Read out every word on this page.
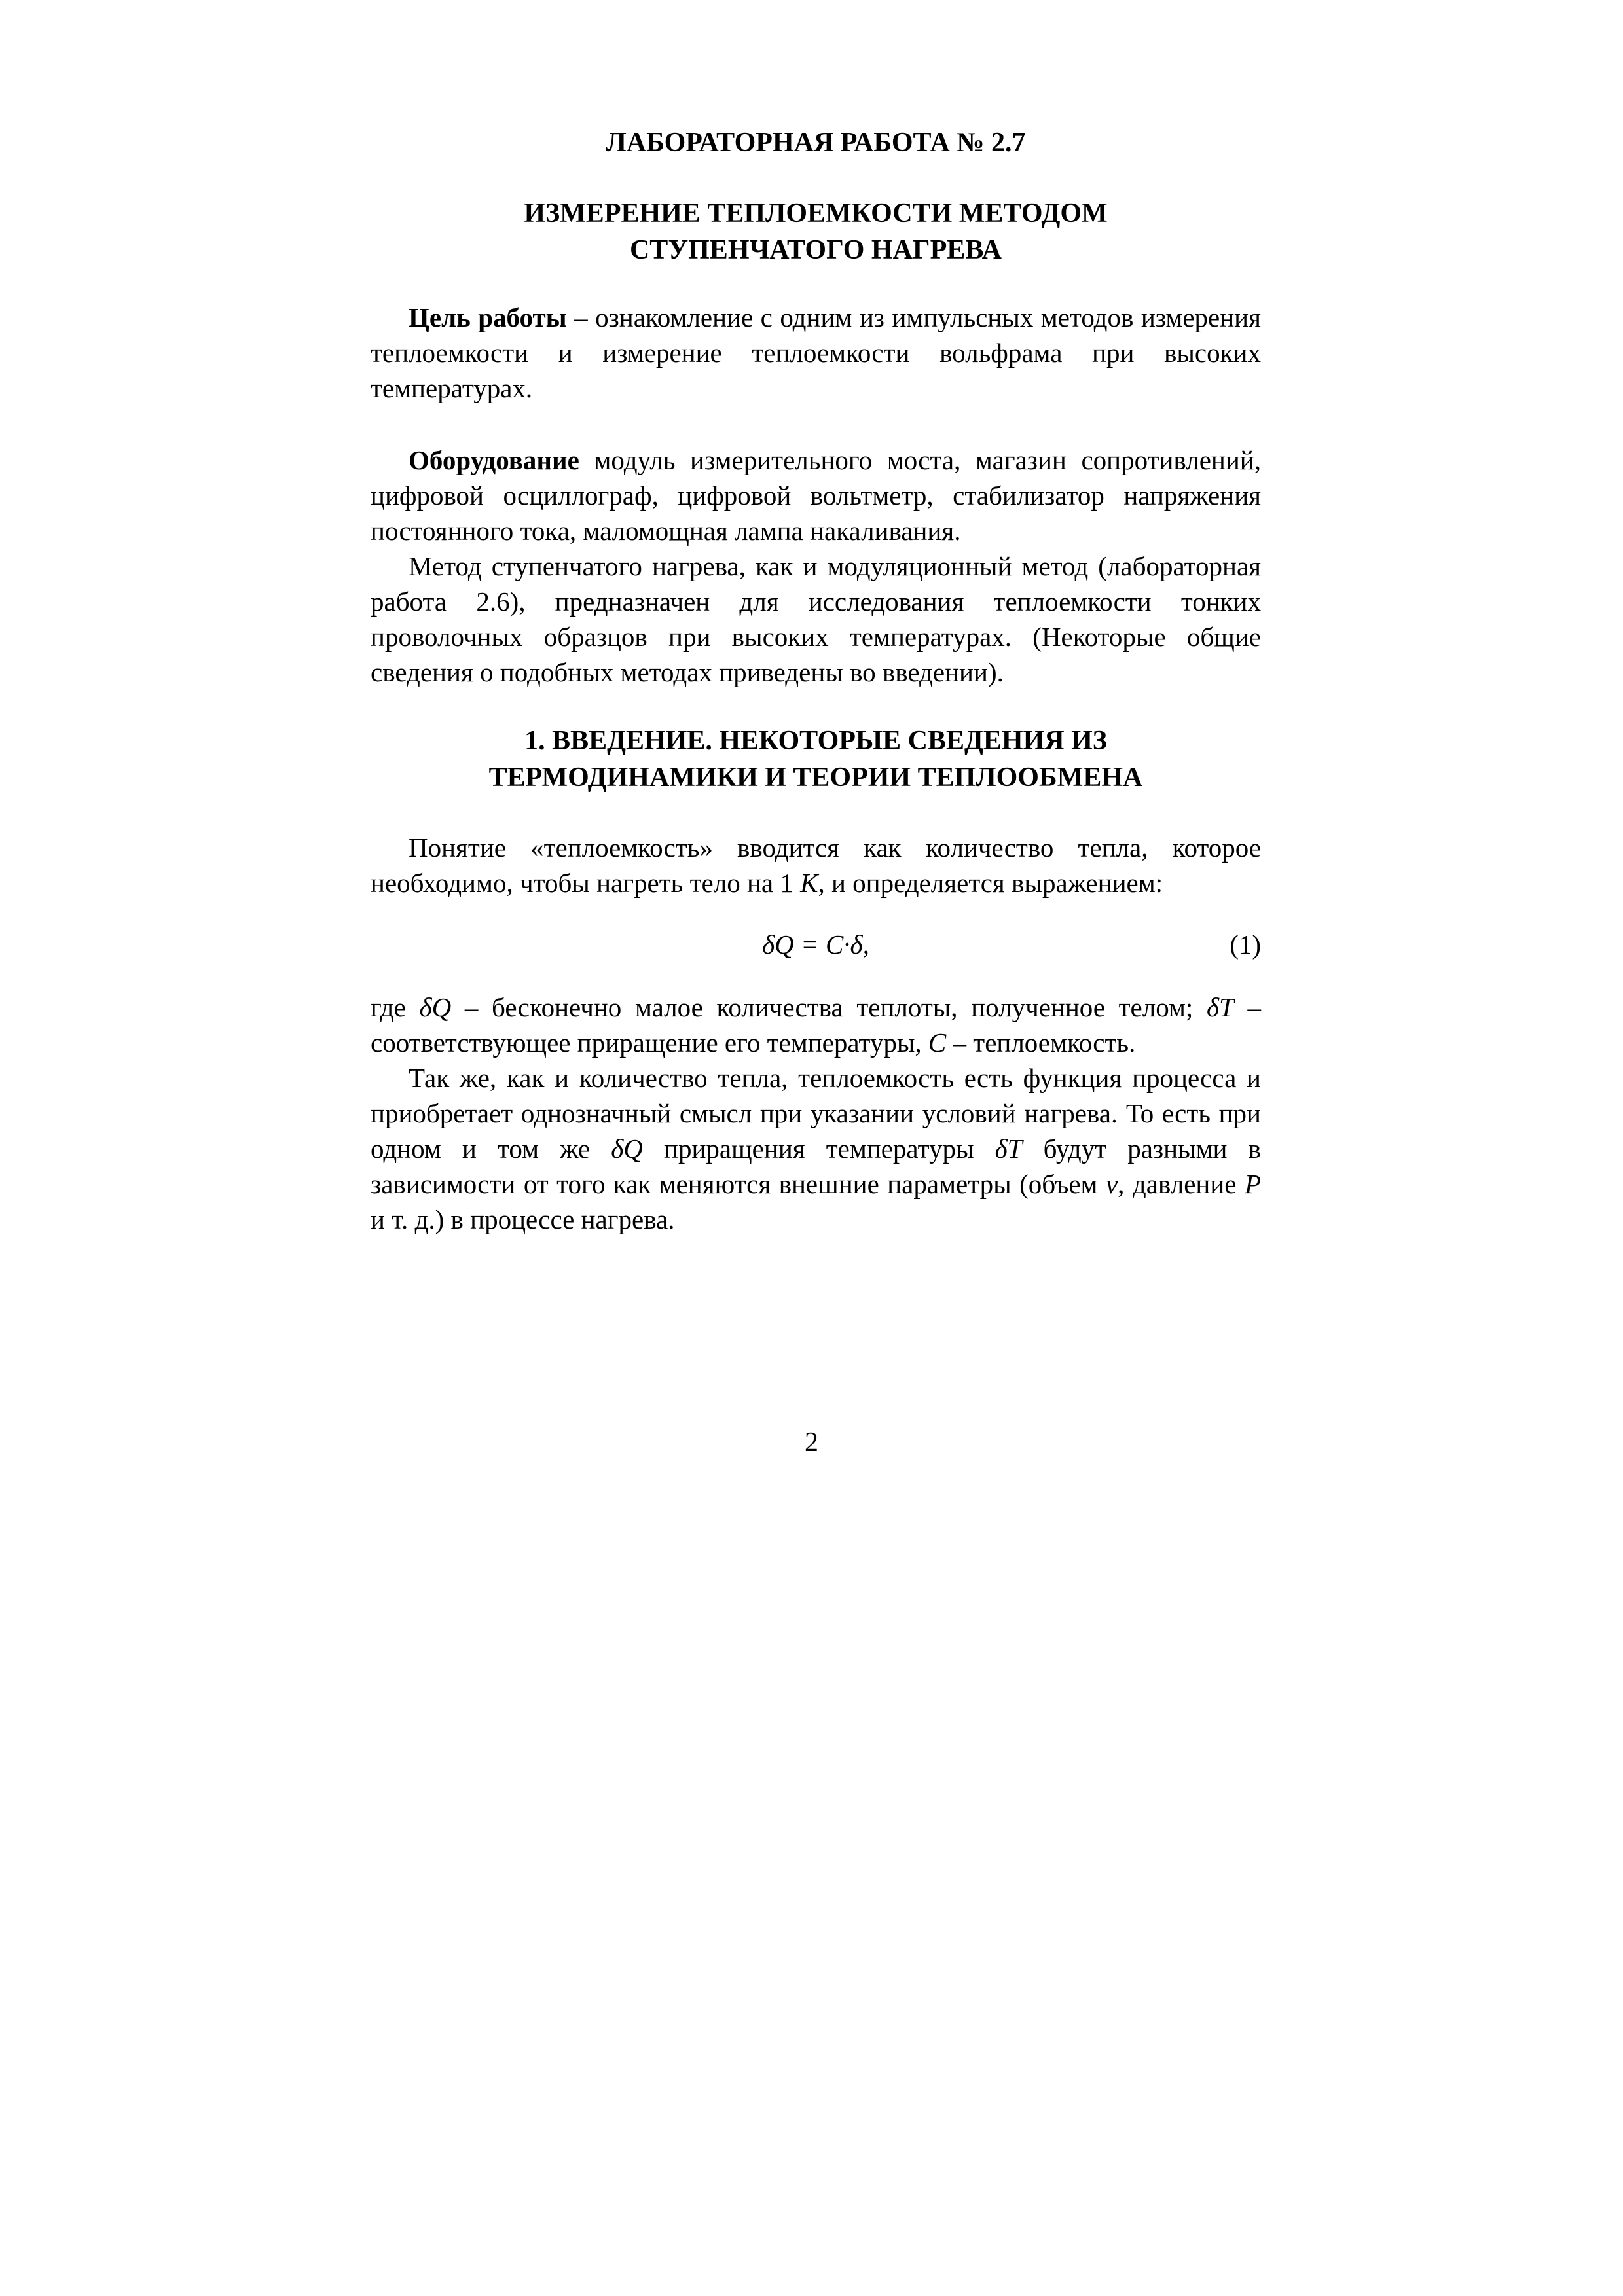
ЛАБОРАТОРНАЯ РАБОТА № 2.7
ИЗМЕРЕНИЕ ТЕПЛОЕМКОСТИ МЕТОДОМ
СТУПЕНЧАТОГО НАГРЕВА

Цель работы – ознакомление с одним из импульсных методов измерения теплоемкости и измерение теплоемкости вольфрама при высоких температурах.

Оборудование модуль измерительного моста, магазин сопротивлений, цифровой осциллограф, цифровой вольтметр, стабилизатор напряжения постоянного тока, маломощная лампа накаливания.

Метод ступенчатого нагрева, как и модуляционный метод (лабораторная работа 2.6), предназначен для исследования теплоемкости тонких проволочных образцов при высоких температурах. (Некоторые общие сведения о подобных методах приведены во введении).

1. ВВЕДЕНИЕ. НЕКОТОРЫЕ СВЕДЕНИЯ ИЗ
ТЕРМОДИНАМИКИ И ТЕОРИИ ТЕПЛООБМЕНА

Понятие «теплоемкость» вводится как количество тепла, которое необходимо, чтобы нагреть тело на 1 K, и определяется выражением:

δQ = C·δ,	(1)

где δQ – бесконечно малое количества теплоты, полученное телом; δT – соответствующее приращение его температуры, C – теплоемкость.

Так же, как и количество тепла, теплоемкость есть функция процесса и приобретает однозначный смысл при указании условий нагрева. То есть при одном и том же δQ приращения температуры δT будут разными в зависимости от того как меняются внешние параметры (объем v, давление P и т. д.) в процессе нагрева.

2
